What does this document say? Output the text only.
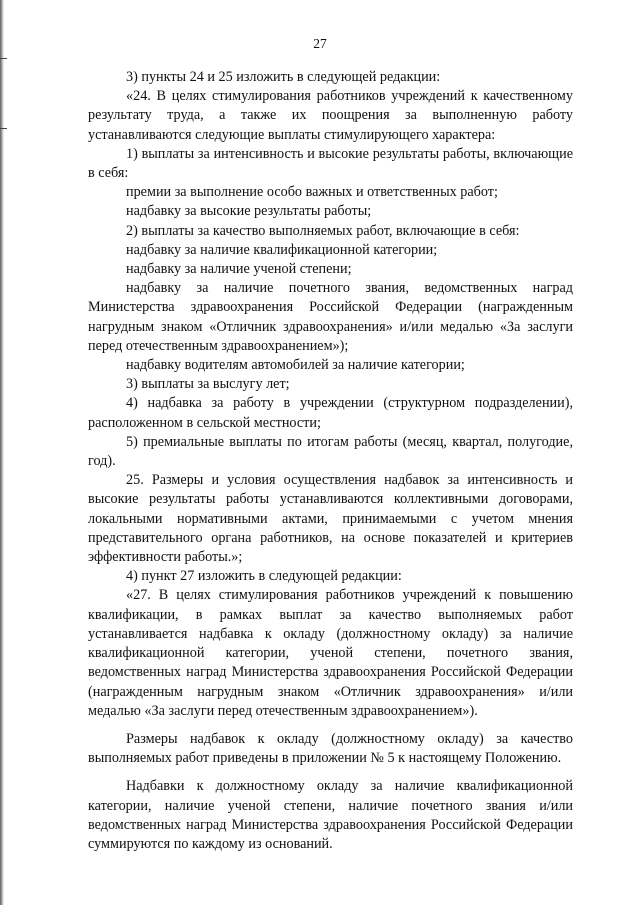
27

3) пункты 24 и 25 изложить в следующей редакции:

«24. В целях стимулирования работников учреждений к качественному результату труда, а также их поощрения за выполненную работу устанавливаются следующие выплаты стимулирующего характера:

1) выплаты за интенсивность и высокие результаты работы, включающие в себя:

премии за выполнение особо важных и ответственных работ;

надбавку за высокие результаты работы;

2) выплаты за качество выполняемых работ, включающие в себя:

надбавку за наличие квалификационной категории;

надбавку за наличие ученой степени;

надбавку за наличие почетного звания, ведомственных наград Министерства здравоохранения Российской Федерации (награжденным нагрудным знаком «Отличник здравоохранения» и/или медалью «За заслуги перед отечественным здравоохранением»);

надбавку водителям автомобилей за наличие категории;

3) выплаты за выслугу лет;

4) надбавка за работу в учреждении (структурном подразделении), расположенном в сельской местности;

5) премиальные выплаты по итогам работы (месяц, квартал, полугодие, год).

25. Размеры и условия осуществления надбавок за интенсивность и высокие результаты работы устанавливаются коллективными договорами, локальными нормативными актами, принимаемыми с учетом мнения представительного органа работников, на основе показателей и критериев эффективности работы.»;

4) пункт 27 изложить в следующей редакции:

«27. В целях стимулирования работников учреждений к повышению квалификации, в рамках выплат за качество выполняемых работ устанавливается надбавка к окладу (должностному окладу) за наличие квалификационной категории, ученой степени, почетного звания, ведомственных наград Министерства здравоохранения Российской Федерации (награжденным нагрудным знаком «Отличник здравоохранения» и/или медалью «За заслуги перед отечественным здравоохранением»).

Размеры надбавок к окладу (должностному окладу) за качество выполняемых работ приведены в приложении № 5 к настоящему Положению.

Надбавки к должностному окладу за наличие квалификационной категории, наличие ученой степени, наличие почетного звания и/или ведомственных наград Министерства здравоохранения Российской Федерации суммируются по каждому из оснований.
